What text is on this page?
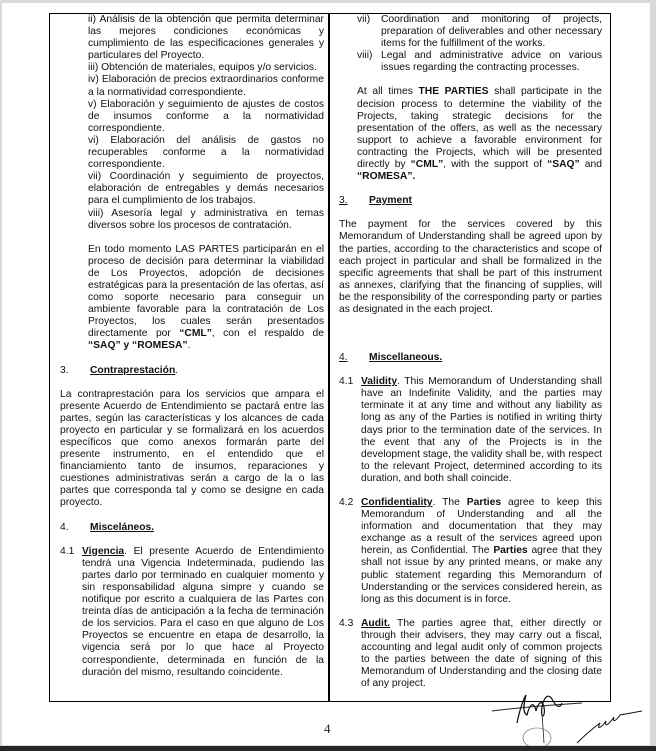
ii) Análisis de la obtención que permita determinar las mejores condiciones económicas y cumplimiento de las especificaciones generales y particulares del Proyecto.

iii) Obtención de materiales, equipos y/o servicios.

iv) Elaboración de precios extraordinarios conforme a la normatividad correspondiente.

v) Elaboración y seguimiento de ajustes de costos de insumos conforme a la normatividad correspondiente.

vi) Elaboración del análisis de gastos no recuperables conforme a la normatividad correspondiente.

vii) Coordinación y seguimiento de proyectos, elaboración de entregables y demás necesarios para el cumplimiento de los trabajos.

viii) Asesoría legal y administrativa en temas diversos sobre los procesos de contratación.

En todo momento LAS PARTES participarán en el proceso de decisión para determinar la viabilidad de Los Proyectos, adopción de decisiones estratégicas para la presentación de las ofertas, así como soporte necesario para conseguir un ambiente favorable para la contratación de Los Proyectos, los cuales serán presentados directamente por “CML”, con el respaldo de “SAQ” y “ROMESA”.

3.	Contraprestación .

La contraprestación para los servicios que ampara el presente Acuerdo de Entendimiento se pactará entre las partes, según las características y los alcances de cada proyecto en particular y se formalizará en los acuerdos específicos que como anexos formarán parte del presente instrumento, en el entendido que el financiamiento tanto de insumos, reparaciones y cuestiones administrativas serán a cargo de la o las partes que corresponda tal y como se designe en cada proyecto.

4.	Misceláneos.
4.1 Vigencia. El presente Acuerdo de Entendimiento tendrá una Vigencia Indeterminada, pudiendo las partes darlo por terminado en cualquier momento y sin responsabilidad alguna simpre y cuando se notifique por escrito a cualquiera de las Partes con treinta días de anticipación a la fecha de terminación de los servicios. Para el caso en que alguno de Los Proyectos se encuentre en etapa de desarrollo, la vigencia será por lo que hace al Proyecto correspondiente, determinada en función de la duración del mismo, resultando coincidente.
vii)	Coordination and monitoring of projects, preparation of deliverables and other necessary items for the fulfillment of the works.
viii) Legal and administrative advice on various issues regarding the contracting processes.

At all times THE PARTIES shall participate in the decision process to determine the viability of the Projects, taking strategic decisions for the presentation of the offers, as well as the necessary support to achieve a favorable environment for contracting the Projects, which will be presented directly by “CML”, with the support of “SAQ” and “ROMESA”.

3.	Payment

The payment for the services covered by this Memorandum of Understanding shall be agreed upon by the parties, according to the characteristics and scope of each project in particular and shall be formalized in the specific agreements that shall be part of this instrument as annexes, clarifying that the financing of supplies, will be the responsibility of the corresponding party or parties as designated in the each project.

4.	Miscellaneous.
4.1 Validity. This Memorandum of Understanding shall have an Indefinite Validity, and the parties may terminate it at any time and without any liability as long as any of the Parties is notified in writing thirty days prior to the termination date of the services. In the event that any of the Projects is in the development stage, the validity shall be, with respect to the relevant Project, determined according to its duration, and both shall coincide.
4.2 Confidentiality. The Parties agree to keep this Memorandum of Understanding and all the information and documentation that they may exchange as a result of the services agreed upon herein, as Confidential. The Parties agree that they shall not issue by any printed means, or make any public statement regarding this Memorandum of Understanding or the services considered herein, as long as this document is in force.
4.3 Audit. The parties agree that, either directly or through their advisers, they may carry out a fiscal, accounting and legal audit only of common projects to the parties between the date of signing of this Memorandum of Understanding and the closing date of any project.
4
